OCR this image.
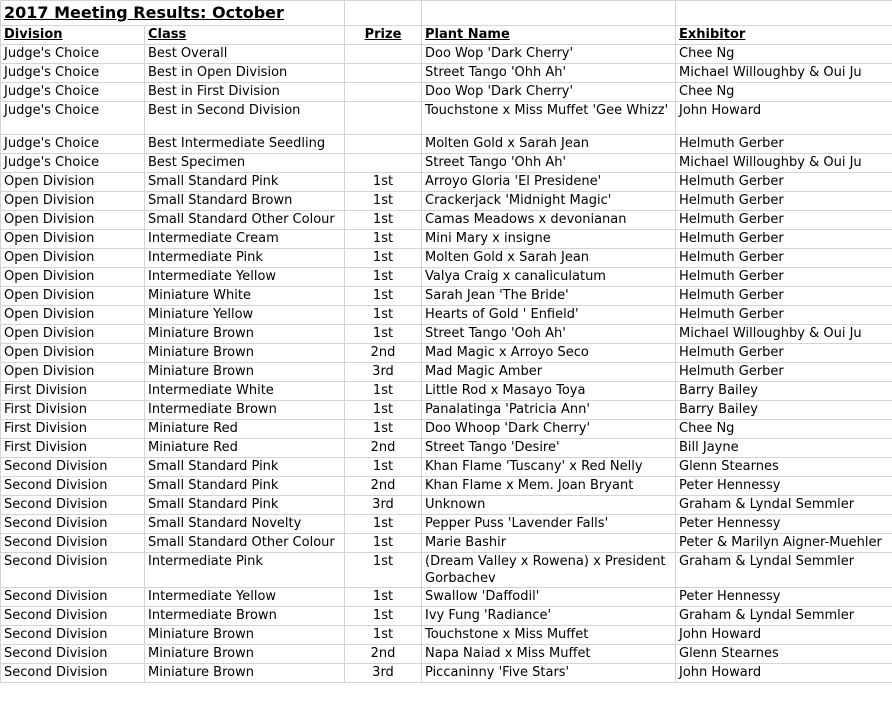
2017 Meeting Results: October				
Division	Class	Prize	Plant Name	Exhibitor
Judge's Choice	Best Overall		Doo Wop 'Dark Cherry'	Chee Ng
Judge's Choice	Best in Open Division		Street Tango 'Ohh Ah'	Michael Willoughby & Oui Ju
Judge's Choice	Best in First Division		Doo Wop 'Dark Cherry'	Chee Ng
Judge's Choice	Best in Second Division		Touchstone x Miss Muffet 'Gee Whizz'	John Howard
Judge's Choice	Best Intermediate Seedling		Molten Gold x Sarah Jean	Helmuth Gerber
Judge's Choice	Best Specimen		Street Tango 'Ohh Ah'	Michael Willoughby & Oui Ju
Open Division	Small Standard Pink	1st	Arroyo Gloria 'El Presidene'	Helmuth Gerber
Open Division	Small Standard Brown	1st	Crackerjack 'Midnight Magic'	Helmuth Gerber
Open Division	Small Standard Other Colour	1st	Camas Meadows x devonianan	Helmuth Gerber
Open Division	Intermediate Cream	1st	Mini Mary x insigne	Helmuth Gerber
Open Division	Intermediate Pink	1st	Molten Gold x Sarah Jean	Helmuth Gerber
Open Division	Intermediate Yellow	1st	Valya Craig x canaliculatum	Helmuth Gerber
Open Division	Miniature White	1st	Sarah Jean 'The Bride'	Helmuth Gerber
Open Division	Miniature Yellow	1st	Hearts of Gold ' Enfield'	Helmuth Gerber
Open Division	Miniature Brown	1st	Street Tango 'Ooh Ah'	Michael Willoughby & Oui Ju
Open Division	Miniature Brown	2nd	Mad Magic x Arroyo Seco	Helmuth Gerber
Open Division	Miniature Brown	3rd	Mad Magic Amber	Helmuth Gerber
First Division	Intermediate White	1st	Little Rod x Masayo Toya	Barry Bailey
First Division	Intermediate Brown	1st	Panalatinga 'Patricia Ann'	Barry Bailey
First Division	Miniature Red	1st	Doo Whoop 'Dark Cherry'	Chee Ng
First Division	Miniature Red	2nd	Street Tango 'Desire'	Bill Jayne
Second Division	Small Standard Pink	1st	Khan Flame 'Tuscany' x Red Nelly	Glenn Stearnes
Second Division	Small Standard Pink	2nd	Khan Flame x Mem. Joan Bryant	Peter Hennessy
Second Division	Small Standard Pink	3rd	Unknown	Graham & Lyndal Semmler
Second Division	Small Standard Novelty	1st	Pepper Puss 'Lavender Falls'	Peter Hennessy
Second Division	Small Standard Other Colour	1st	Marie Bashir	Peter & Marilyn Aigner-Muehler
Second Division	Intermediate Pink	1st	(Dream Valley x Rowena) x President Gorbachev	Graham & Lyndal Semmler
Second Division	Intermediate Yellow	1st	Swallow 'Daffodil'	Peter Hennessy
Second Division	Intermediate Brown	1st	Ivy Fung 'Radiance'	Graham & Lyndal Semmler
Second Division	Miniature Brown	1st	Touchstone x Miss Muffet	John Howard
Second Division	Miniature Brown	2nd	Napa Naiad x Miss Muffet	Glenn Stearnes
Second Division	Miniature Brown	3rd	Piccaninny 'Five Stars'	John Howard
